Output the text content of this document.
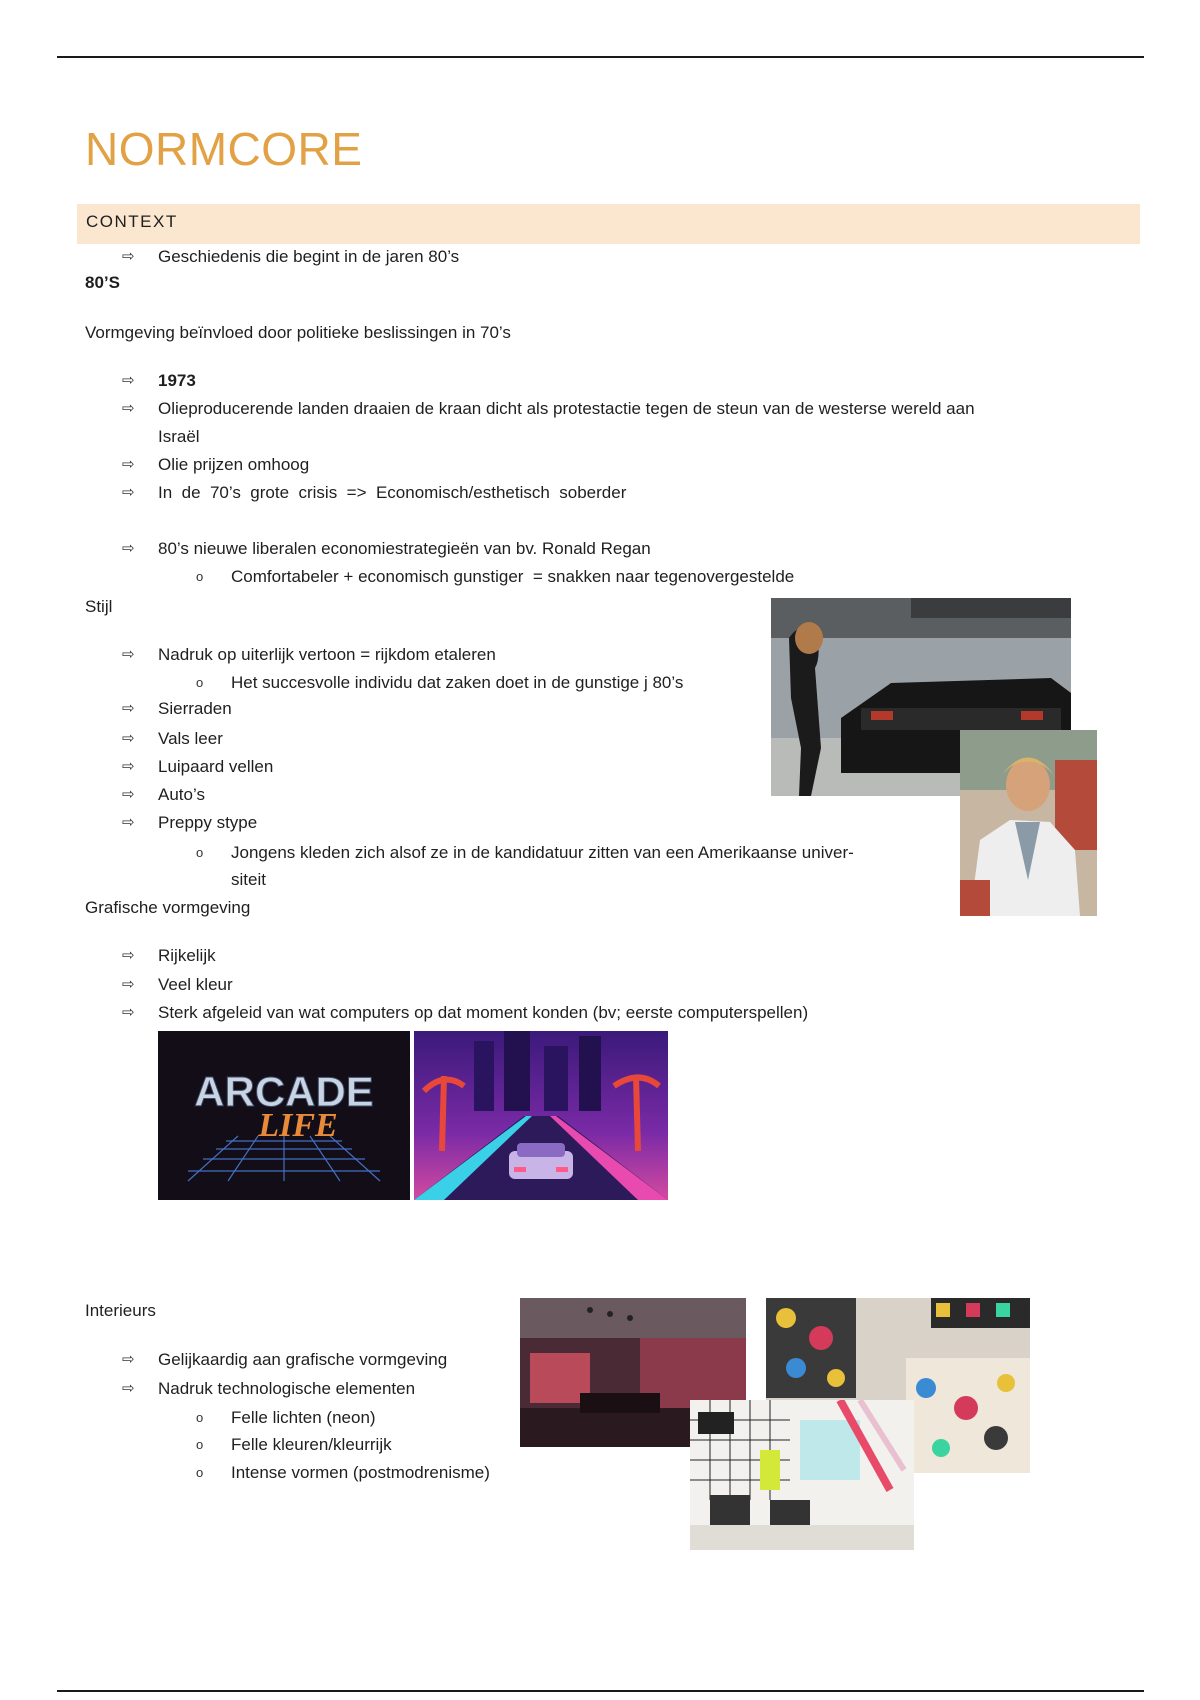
NORMCORE
CONTEXT
⇨	Geschiedenis die begint in de jaren 80’s
80’S
Vormgeving beïnvloed door politieke beslissingen in 70’s
⇨	1973
⇨	Olieproducerende landen draaien de kraan dicht als protestactie tegen de steun van de westerse wereld aan
Israël
⇨	Olie prijzen omhoog
⇨	In  de  70’s  grote  crisis  =>  Economisch/esthetisch  soberder
⇨	80’s nieuwe liberalen economiestrategieën van bv. Ronald Regan
o Comfortabeler + economisch gunstiger  = snakken naar tegenovergestelde
Stijl
⇨	Nadruk op uiterlijk vertoon = rijkdom etaleren
o Het succesvolle individu dat zaken doet in de gunstige j 80’s
⇨	Sierraden
⇨	Vals leer
⇨	Luipaard vellen
⇨	Auto’s
⇨	Preppy stype
o Jongens kleden zich alsof ze in de kandidatuur zitten van een Amerikaanse univer-
siteit
Grafische vormgeving
⇨	Rijkelijk
⇨	Veel kleur
⇨	Sterk afgeleid van wat computers op dat moment konden (bv; eerste computerspellen)
Interieurs
⇨	Gelijkaardig aan grafische vormgeving
⇨	Nadruk technologische elementen
o Felle lichten (neon)
o Felle kleuren/kleurrijk
o Intense vormen (postmodrenisme)
ARCADE
LIFE
